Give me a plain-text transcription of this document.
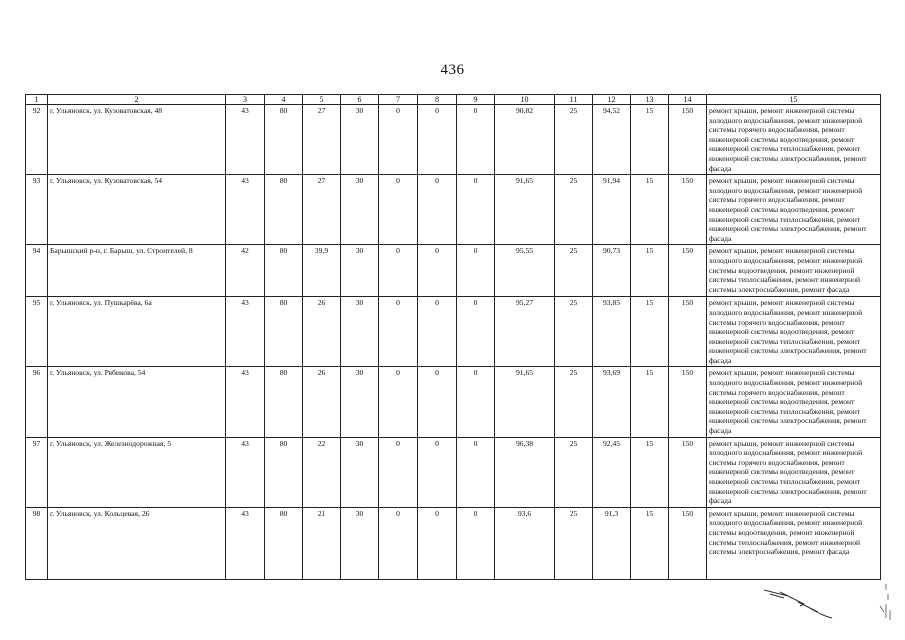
436
1	2	3	4	5	6	7	8	9	10	11	12	13	14	15
92	г. Ульяновск, ул. Кузоватовская, 48	43	80	27	30	0	0	0	90,82	25	94,52	15	150	ремонт крыши, ремонт инженерной системы холодного водоснабжения, ремонт инженерной системы горячего водоснабжения, ремонт инженерной системы водоотведения, ремонт инженерной системы теплоснабжения, ремонт инженерной системы электроснабжения, ремонт фасада
93	г. Ульяновск, ул. Кузоватовская, 54	43	80	27	30	0	0	0	91,65	25	91,94	15	150	ремонт крыши, ремонт инженерной системы холодного водоснабжения, ремонт инженерной системы горячего водоснабжения, ремонт инженерной системы водоотведения, ремонт инженерной системы теплоснабжения, ремонт инженерной системы электроснабжения, ремонт фасада
94	Барышский р-н, г. Барыш, ул. Строителей, 8	42	80	39,9	30	0	0	0	95,55	25	90,73	15	150	ремонт крыши, ремонт инженерной системы холодного водоснабжения, ремонт инженерной системы водоотведения, ремонт инженерной системы теплоснабжения, ремонт инженерной системы электроснабжения, ремонт фасада
95	г. Ульяновск, ул. Пушкарёва, 6а	43	80	26	30	0	0	0	95,27	25	93,85	15	150	ремонт крыши, ремонт инженерной системы холодного водоснабжения, ремонт инженерной системы горячего водоснабжения, ремонт инженерной системы водоотведения, ремонт инженерной системы теплоснабжения, ремонт инженерной системы электроснабжения, ремонт фасада
96	г. Ульяновск, ул. Рябикова, 54	43	80	26	30	0	0	0	91,65	25	93,69	15	150	ремонт крыши, ремонт инженерной системы холодного водоснабжения, ремонт инженерной системы горячего водоснабжения, ремонт инженерной системы водоотведения, ремонт инженерной системы теплоснабжения, ремонт инженерной системы электроснабжения, ремонт фасада
97	г. Ульяновск, ул. Железнодорожная, 5	43	80	22	30	0	0	0	96,38	25	92,45	15	150	ремонт крыши, ремонт инженерной системы холодного водоснабжения, ремонт инженерной системы горячего водоснабжения, ремонт инженерной системы водоотведения, ремонт инженерной системы теплоснабжения, ремонт инженерной системы электроснабжения, ремонт фасада
98	г. Ульяновск, ул. Кольцевая, 26	43	80	21	30	0	0	0	93,6	25	91,3	15	150	ремонт крыши, ремонт инженерной системы холодного водоснабжения, ремонт инженерной системы водоотведения, ремонт инженерной системы теплоснабжения, ремонт инженерной системы электроснабжения, ремонт фасада
